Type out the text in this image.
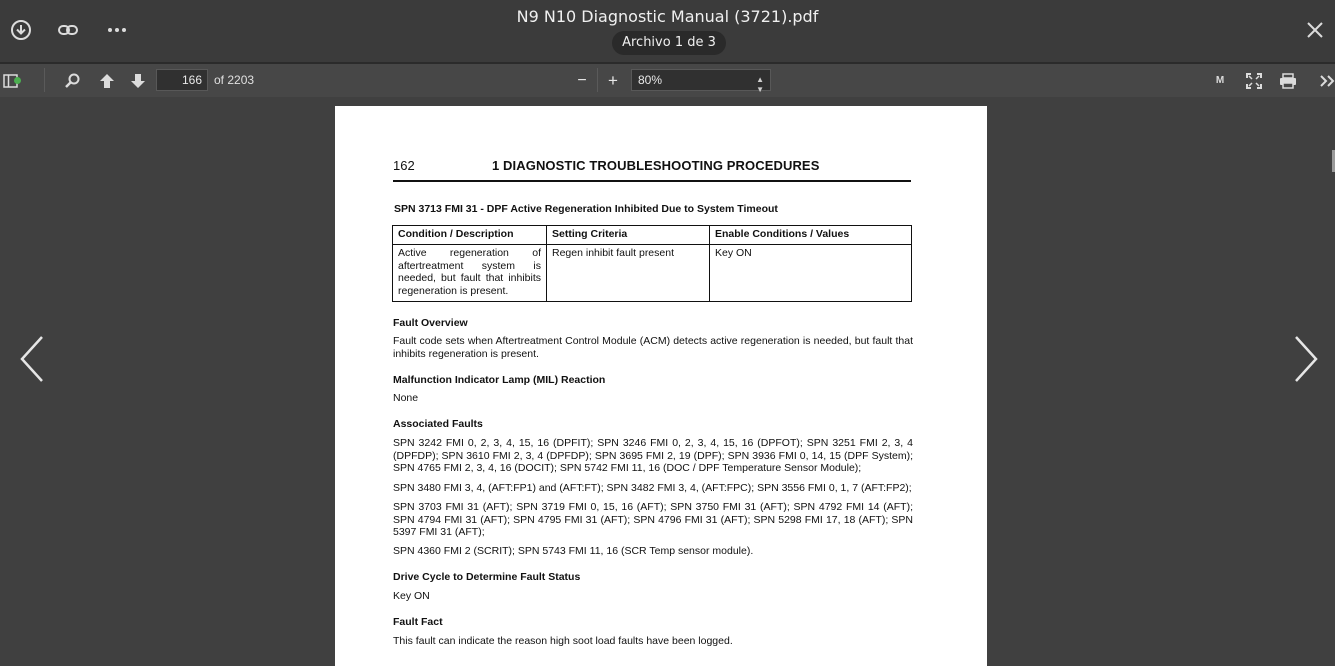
N9 N10 Diagnostic Manual (3721).pdf
Archivo 1 de 3
166
of 2203	−	+	80%	▲
▼
M
162	1 DIAGNOSTIC TROUBLESHOOTING PROCEDURES
SPN 3713 FMI 31 - DPF Active Regeneration Inhibited Due to System Timeout
Condition / Description	Setting Criteria	Enable Conditions / Values
Active regeneration of aftertreatment system is needed, but fault that inhibits regeneration is present.	Regen inhibit fault present	Key ON
Fault Overview
Fault code sets when Aftertreatment Control Module (ACM) detects active regeneration is needed, but fault that inhibits regeneration is present.
Malfunction Indicator Lamp (MIL) Reaction
None
Associated Faults
SPN 3242 FMI 0, 2, 3, 4, 15, 16 (DPFIT); SPN 3246 FMI 0, 2, 3, 4, 15, 16 (DPFOT); SPN 3251 FMI 2, 3, 4 (DPFDP); SPN 3610 FMI 2, 3, 4 (DPFDP); SPN 3695 FMI 2, 19 (DPF); SPN 3936 FMI 0, 14, 15 (DPF System); SPN 4765 FMI 2, 3, 4, 16 (DOCIT); SPN 5742 FMI 11, 16 (DOC / DPF Temperature Sensor Module);
SPN 3480 FMI 3, 4, (AFT:FP1) and (AFT:FT); SPN 3482 FMI 3, 4, (AFT:FPC); SPN 3556 FMI 0, 1, 7 (AFT:FP2);
SPN 3703 FMI 31 (AFT); SPN 3719 FMI 0, 15, 16 (AFT); SPN 3750 FMI 31 (AFT); SPN 4792 FMI 14 (AFT); SPN 4794 FMI 31 (AFT); SPN 4795 FMI 31 (AFT); SPN 4796 FMI 31 (AFT); SPN 5298 FMI 17, 18 (AFT); SPN 5397 FMI 31 (AFT);
SPN 4360 FMI 2 (SCRIT); SPN 5743 FMI 11, 16 (SCR Temp sensor module).
Drive Cycle to Determine Fault Status
Key ON
Fault Fact
This fault can indicate the reason high soot load faults have been logged.
